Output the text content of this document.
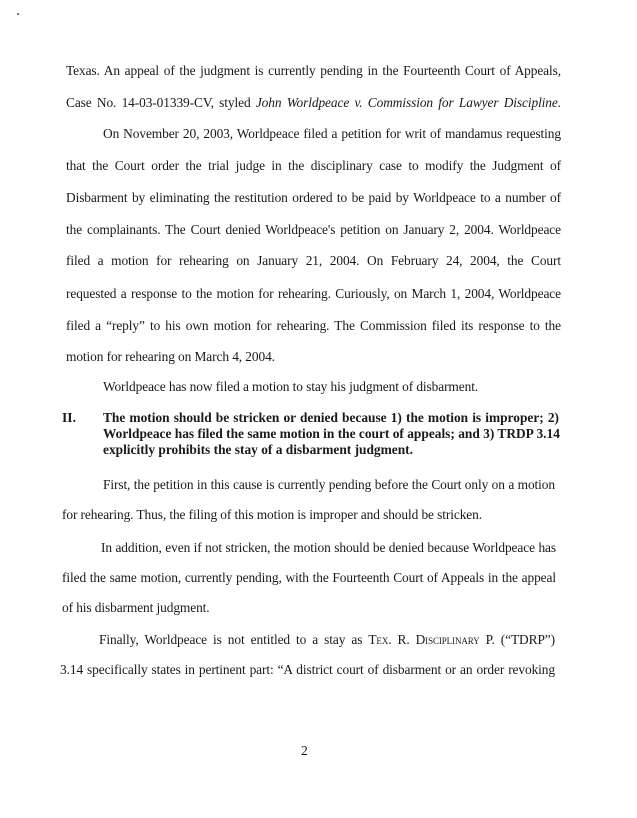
Texas. An appeal of the judgment is currently pending in the Fourteenth Court of Appeals,
Case No. 14-03-01339-CV, styled John Worldpeace v. Commission for Lawyer Discipline.
On November 20, 2003, Worldpeace filed a petition for writ of mandamus requesting
that the Court order the trial judge in the disciplinary case to modify the Judgment of
Disbarment by eliminating the restitution ordered to be paid by Worldpeace to a number of
the complainants. The Court denied Worldpeace's petition on January 2, 2004. Worldpeace
filed a motion for rehearing on January 21, 2004. On February 24, 2004, the Court
requested a response to the motion for rehearing. Curiously, on March 1, 2004, Worldpeace
filed a “reply” to his own motion for rehearing. The Commission filed its response to the
motion for rehearing on March 4, 2004.
Worldpeace has now filed a motion to stay his judgment of disbarment.
II. The motion should be stricken or denied because 1) the motion is improper; 2)
Worldpeace has filed the same motion in the court of appeals; and 3) TRDP 3.14
explicitly prohibits the stay of a disbarment judgment.
First, the petition in this cause is currently pending before the Court only on a motion
for rehearing. Thus, the filing of this motion is improper and should be stricken.
In addition, even if not stricken, the motion should be denied because Worldpeace has
filed the same motion, currently pending, with the Fourteenth Court of Appeals in the appeal
of his disbarment judgment.
Finally, Worldpeace is not entitled to a stay as Tex. R. Disciplinary P. (“TDRP”)
3.14 specifically states in pertinent part: “A district court of disbarment or an order revoking
2
